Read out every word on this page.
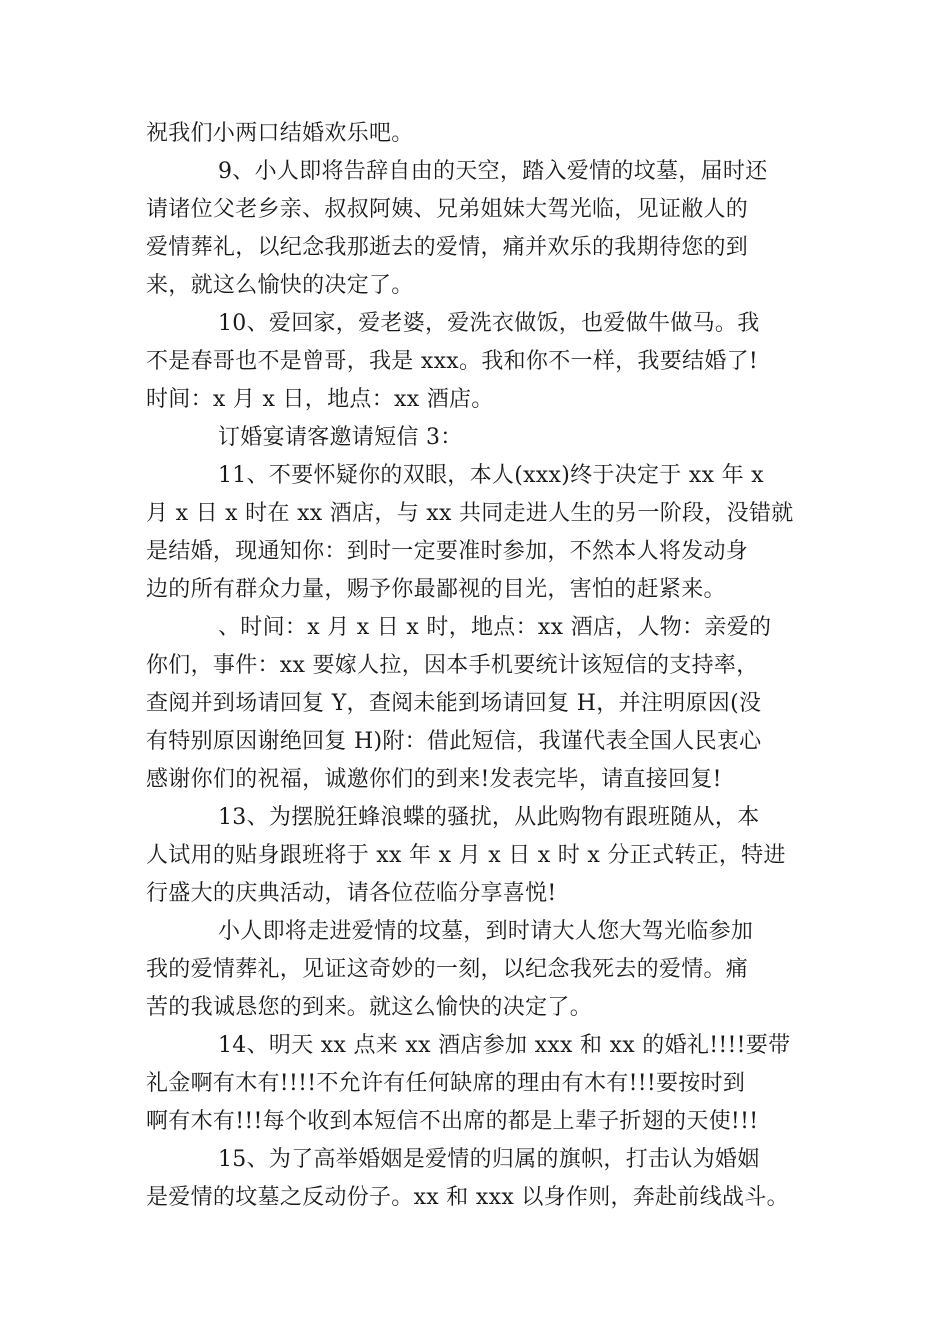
祝我们小两口结婚欢乐吧。
9、小人即将告辞自由的天空，踏入爱情的坟墓，届时还
请诸位父老乡亲、叔叔阿姨、兄弟姐妹大驾光临，见证敝人的
爱情葬礼，以纪念我那逝去的爱情，痛并欢乐的我期待您的到
来，就这么愉快的决定了。
10、爱回家，爱老婆，爱洗衣做饭，也爱做牛做马。我
不是春哥也不是曾哥，我是 xxx。我和你不一样，我要结婚了!
时间：x 月 x 日，地点：xx 酒店。
订婚宴请客邀请短信 3：
11、不要怀疑你的双眼，本人(xxx)终于决定于 xx 年 x
月 x 日 x 时在 xx 酒店，与 xx 共同走进人生的另一阶段，没错就
是结婚，现通知你：到时一定要准时参加，不然本人将发动身
边的所有群众力量，赐予你最鄙视的目光，害怕的赶紧来。
、时间：x 月 x 日 x 时，地点：xx 酒店，人物：亲爱的
你们，事件：xx 要嫁人拉，因本手机要统计该短信的支持率，
查阅并到场请回复 Y，查阅未能到场请回复 H，并注明原因(没
有特别原因谢绝回复 H)附：借此短信，我谨代表全国人民衷心
感谢你们的祝福，诚邀你们的到来!发表完毕，请直接回复!
13、为摆脱狂蜂浪蝶的骚扰，从此购物有跟班随从，本
人试用的贴身跟班将于 xx 年 x 月 x 日 x 时 x 分正式转正，特进
行盛大的庆典活动，请各位莅临分享喜悦!
小人即将走进爱情的坟墓，到时请大人您大驾光临参加
我的爱情葬礼，见证这奇妙的一刻，以纪念我死去的爱情。痛
苦的我诚恳您的到来。就这么愉快的决定了。
14、明天 xx 点来 xx 酒店参加 xxx 和 xx 的婚礼!!!!要带
礼金啊有木有!!!!不允许有任何缺席的理由有木有!!!要按时到
啊有木有!!!每个收到本短信不出席的都是上辈子折翅的天使!!!
15、为了高举婚姻是爱情的归属的旗帜，打击认为婚姻
是爱情的坟墓之反动份子。xx 和 xxx 以身作则，奔赴前线战斗。
